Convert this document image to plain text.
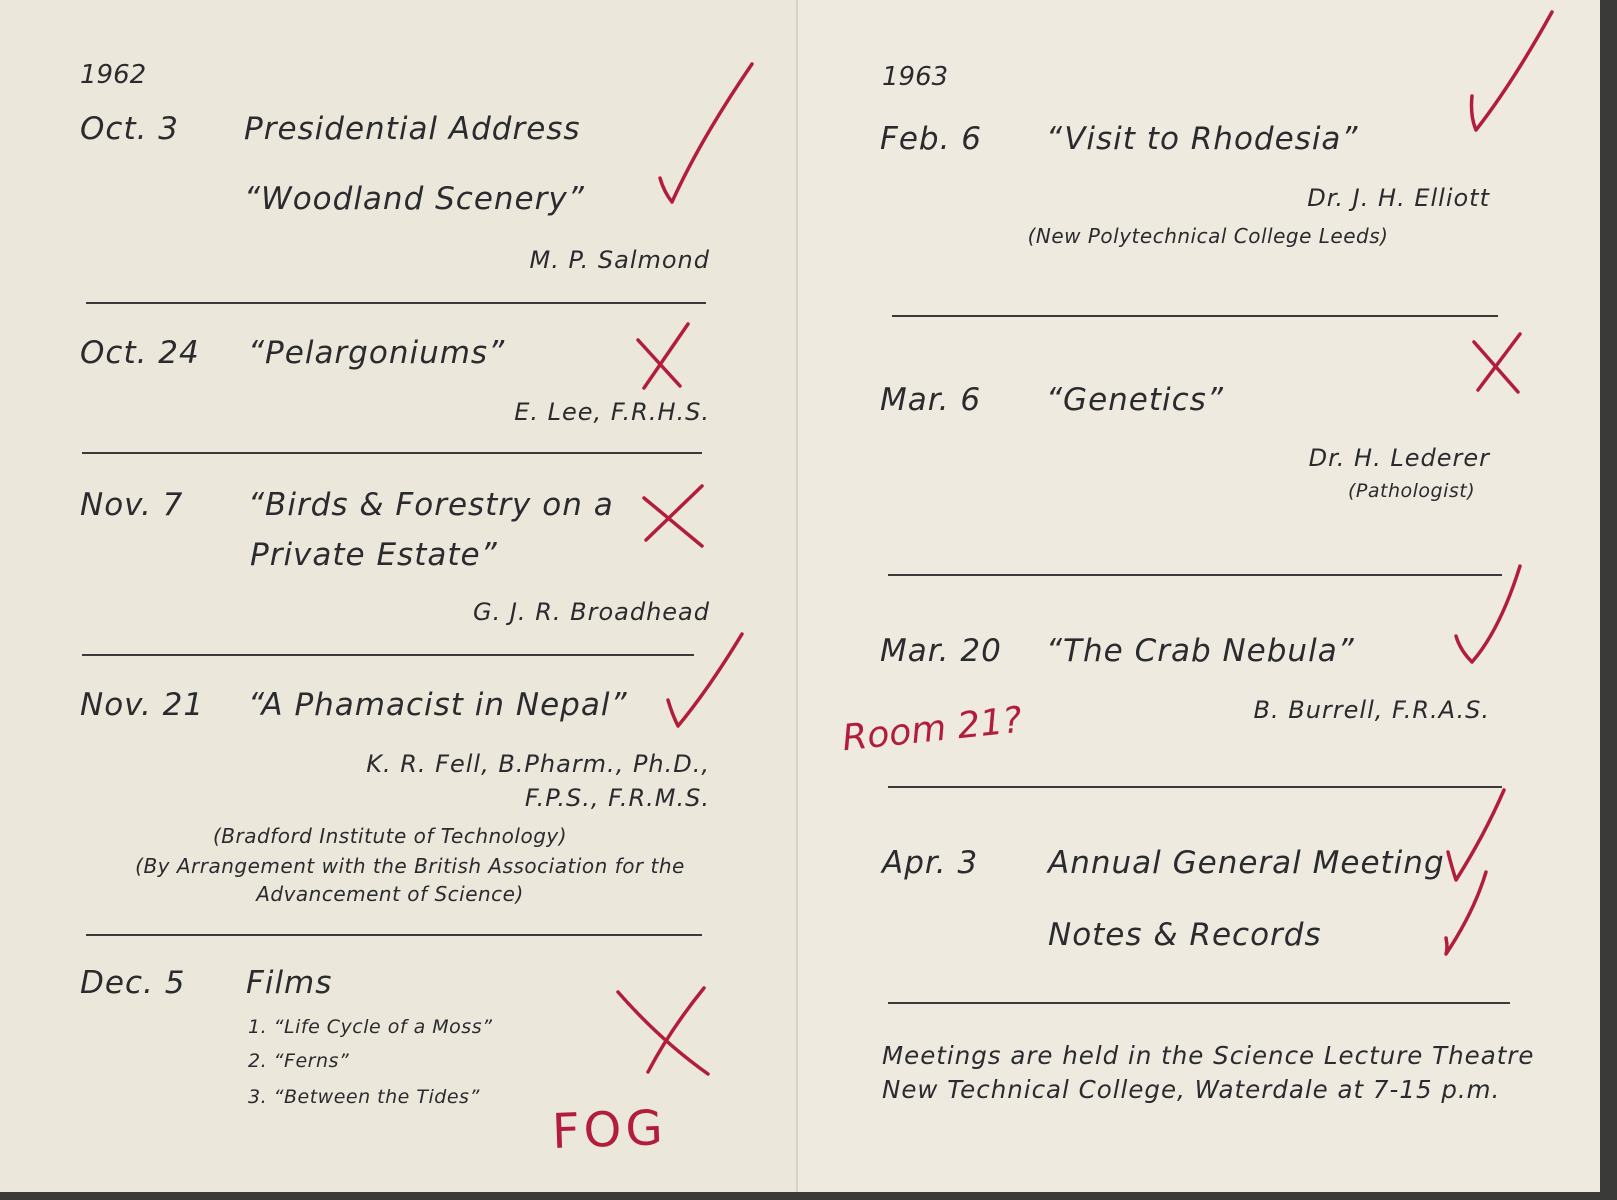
1962
Oct. 3 Presidential Address
“Woodland Scenery”
M. P. Salmond
Oct. 24 “Pelargoniums”
E. Lee, F.R.H.S.
Nov. 7 “Birds & Forestry on a
Private Estate”
G. J. R. Broadhead
Nov. 21 “A Phamacist in Nepal”
K. R. Fell, B.Pharm., Ph.D.,
F.P.S., F.R.M.S.
(Bradford Institute of Technology)
(By Arrangement with the British Association for the
Advancement of Science)
Dec. 5 Films
1. “Life Cycle of a Moss”
2. “Ferns”
3. “Between the Tides”
1963
Feb. 6 “Visit to Rhodesia”
Dr. J. H. Elliott
(New Polytechnical College Leeds)
Mar. 6 “Genetics”
Dr. H. Lederer
(Pathologist)
Mar. 20 “The Crab Nebula”
B. Burrell, F.R.A.S.
Apr. 3 Annual General Meeting
Notes & Records
Meetings are held in the Science Lecture Theatre
New Technical College, Waterdale at 7-15 p.m.
FOG
Room 21?
